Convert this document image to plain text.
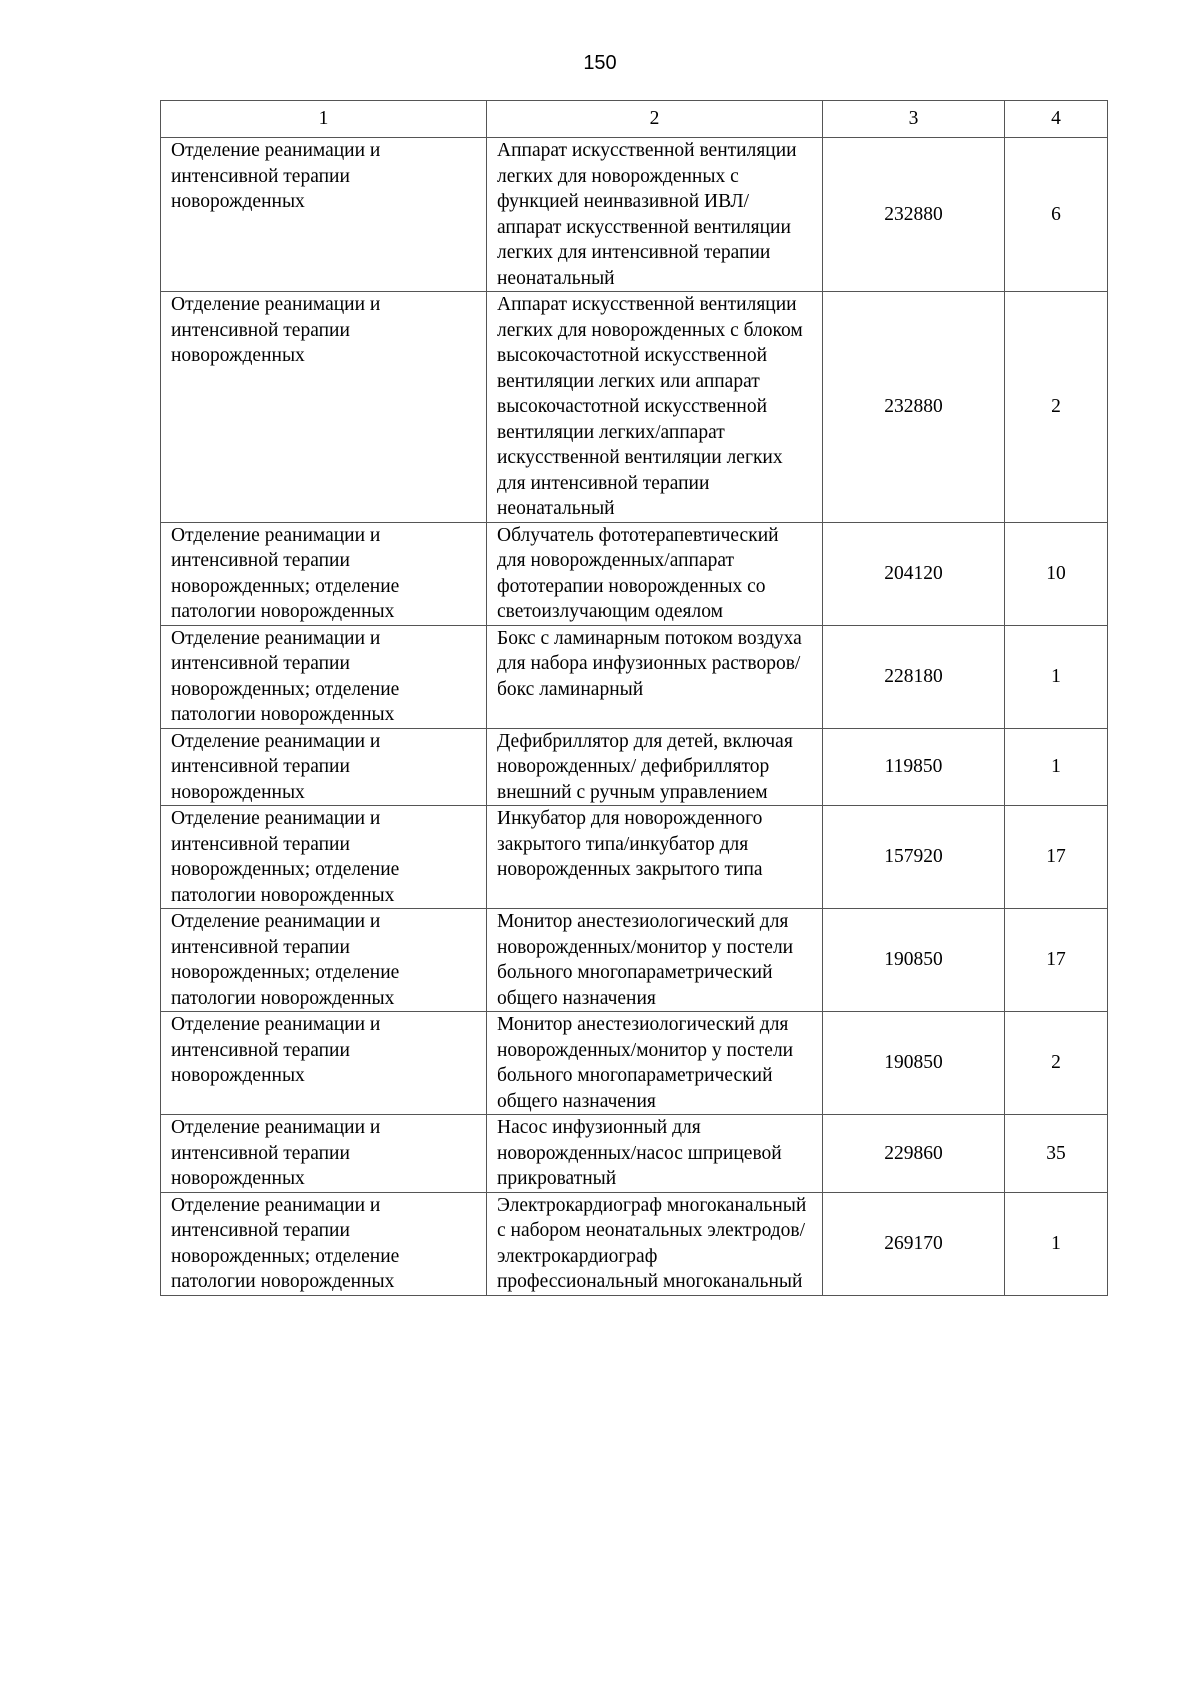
150
1	2	3	4
Отделение реанимации и интенсивной терапии новорожденных	Аппарат искусственной вентиляции легких для новорожденных с функцией неинвазивной ИВЛ/аппарат искусственной вентиляции легких для интенсивной терапии неонатальный	232880	6
Отделение реанимации и интенсивной терапии новорожденных	Аппарат искусственной вентиляции легких для новорожденных с блоком высокочастотной искусственной вентиляции легких или аппарат высокочастотной искусственной вентиляции легких/аппарат искусственной вентиляции легких для интенсивной терапии неонатальный	232880	2
Отделение реанимации и интенсивной терапии новорожденных; отделение патологии новорожденных	Облучатель фототерапевтический для новорожденных/аппарат фототерапии новорожденных со светоизлучающим одеялом	204120	10
Отделение реанимации и интенсивной терапии новорожденных; отделение патологии новорожденных	Бокс с ламинарным потоком воздуха для набора инфузионных растворов/бокс ламинарный	228180	1
Отделение реанимации и интенсивной терапии новорожденных	Дефибриллятор для детей, включая новорожденных/ дефибриллятор внешний с ручным управлением	119850	1
Отделение реанимации и интенсивной терапии новорожденных; отделение патологии новорожденных	Инкубатор для новорожденного закрытого типа/инкубатор для новорожденных закрытого типа	157920	17
Отделение реанимации и интенсивной терапии новорожденных; отделение патологии новорожденных	Монитор анестезиологический для новорожденных/монитор у постели больного многопараметрический общего назначения	190850	17
Отделение реанимации и интенсивной терапии новорожденных	Монитор анестезиологический для новорожденных/монитор у постели больного многопараметрический общего назначения	190850	2
Отделение реанимации и интенсивной терапии новорожденных	Насос инфузионный для новорожденных/насос шприцевой прикроватный	229860	35
Отделение реанимации и интенсивной терапии новорожденных; отделение патологии новорожденных	Электрокардиограф многоканальный с набором неонатальных электродов/ электрокардиограф профессиональный многоканальный	269170	1
